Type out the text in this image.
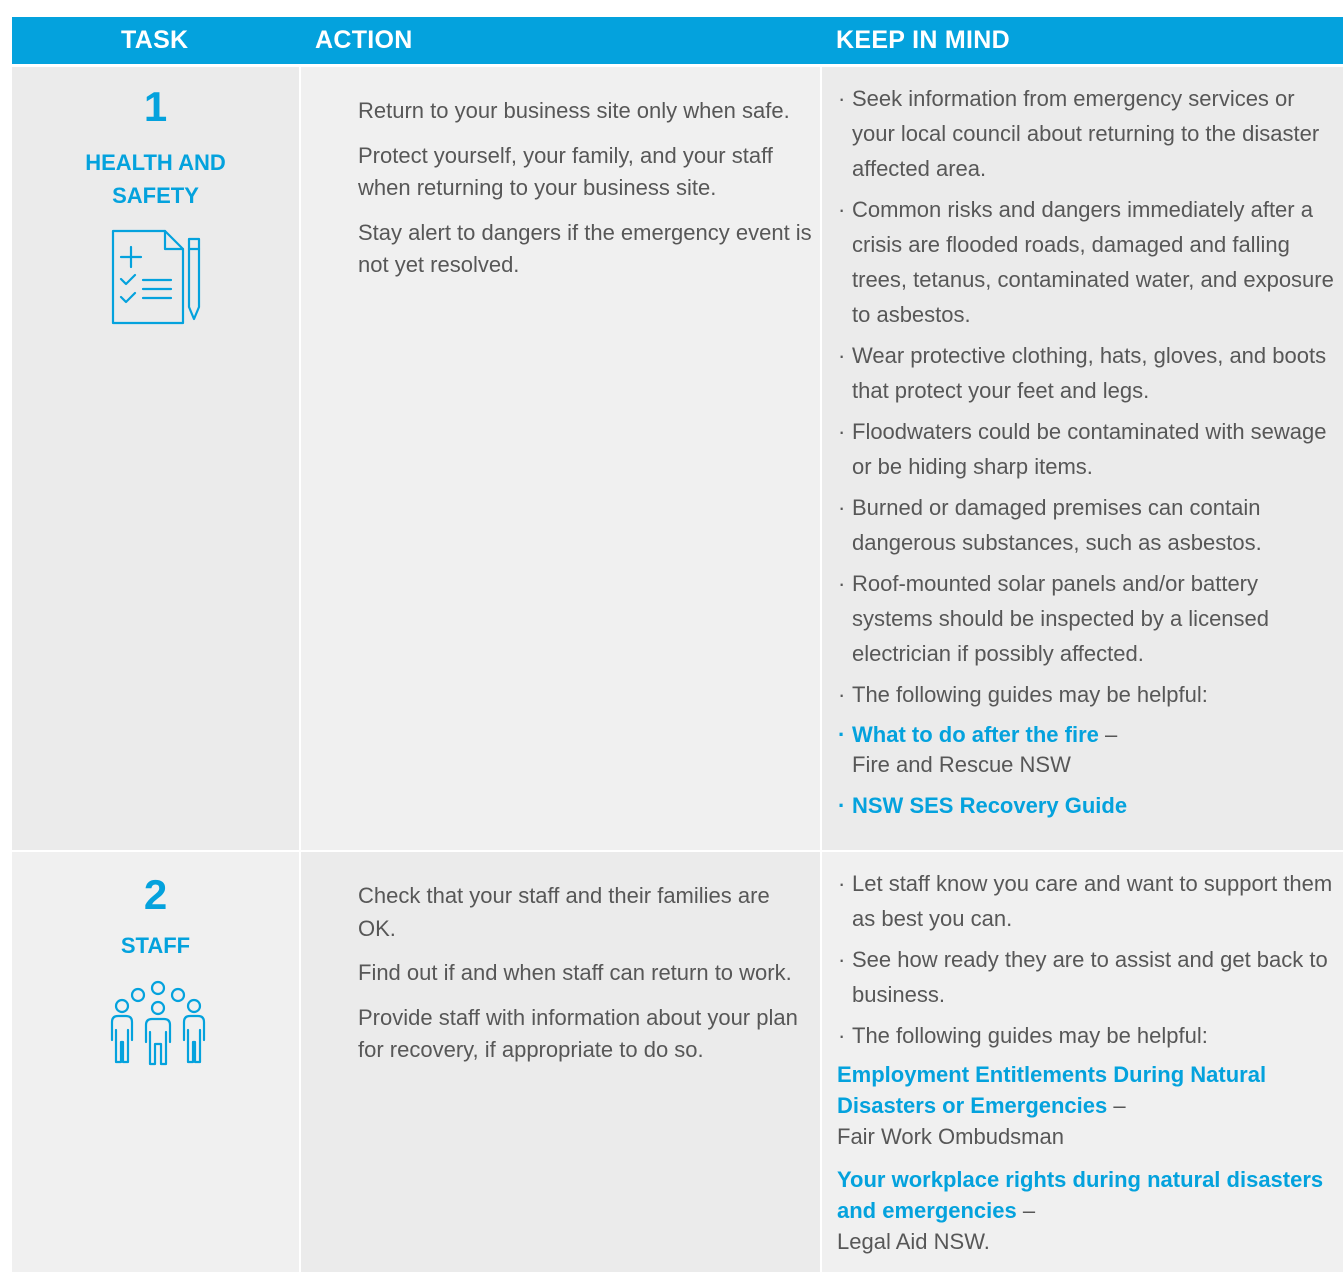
TASK	ACTION	KEEP IN MIND
1
HEALTH AND
SAFETY

Return to your business site only when safe.

Protect yourself, your family, and your staff when returning to your business site.

Stay alert to dangers if the emergency event is not yet resolved.

· Seek information from emergency services or your local council about returning to the disaster affected area.
· Common risks and dangers immediately after a crisis are flooded roads, damaged and falling trees, tetanus, contaminated water, and exposure to asbestos.
· Wear protective clothing, hats, gloves, and boots that protect your feet and legs.
· Floodwaters could be contaminated with sewage or be hiding sharp items.
· Burned or damaged premises can contain dangerous substances, such as asbestos.
· Roof-mounted solar panels and/or battery systems should be inspected by a licensed electrician if possibly affected.
· The following guides may be helpful:
· What to do after the fire –
Fire and Rescue NSW
· NSW SES Recovery Guide
2
STAFF

Check that your staff and their families are OK.

Find out if and when staff can return to work.

Provide staff with information about your plan for recovery, if appropriate to do so.

· Let staff know you care and want to support them as best you can.
· See how ready they are to assist and get back to business.
· The following guides may be helpful:
Employment Entitlements During Natural Disasters or Emergencies –
Fair Work Ombudsman
Your workplace rights during natural disasters and emergencies –
Legal Aid NSW.
